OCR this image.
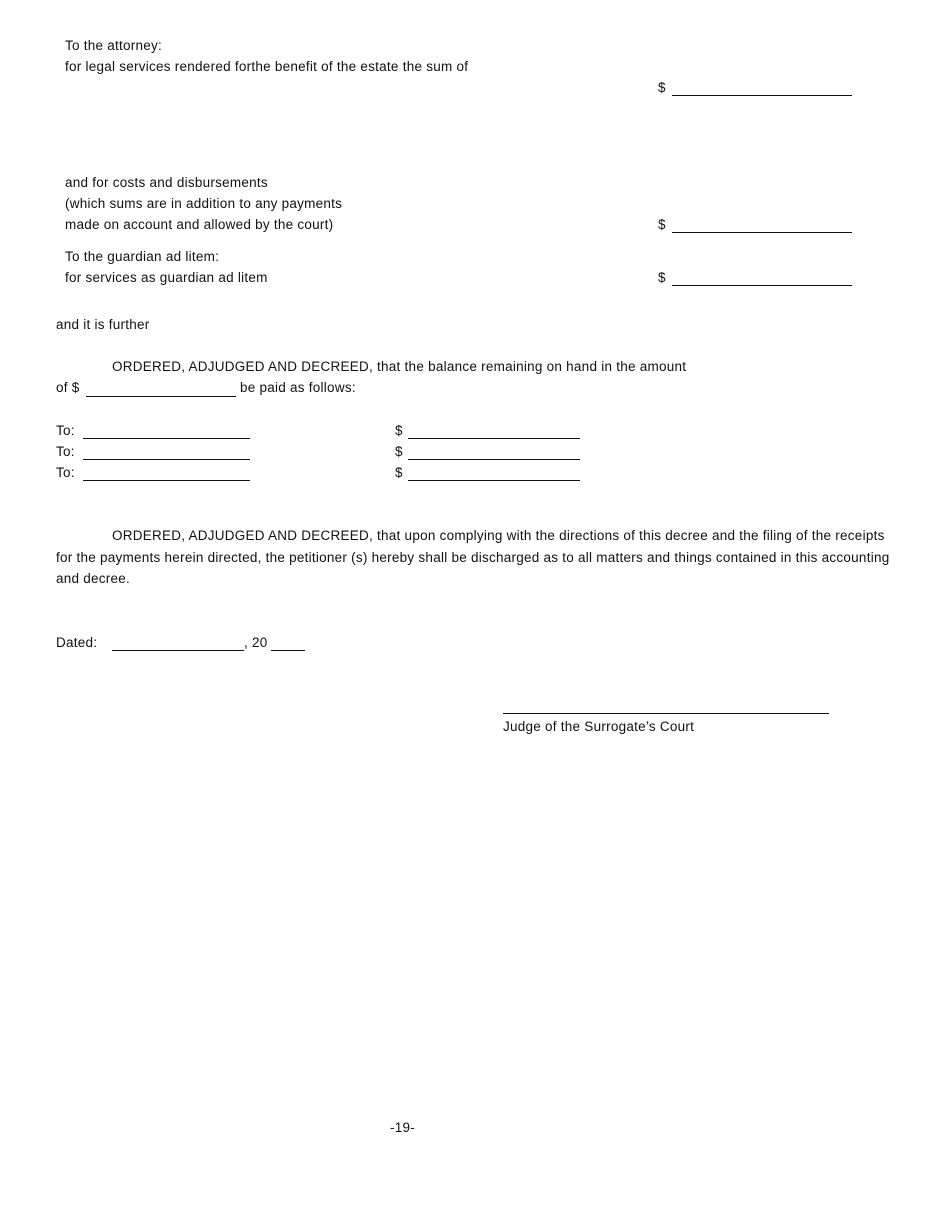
To the attorney:
for legal services rendered forthe benefit of the estate the sum of
$
and for costs and disbursements
(which sums are in addition to any payments
made on account and allowed by the court)	$
To the guardian ad litem:
for services as guardian ad litem	$
and it is further
ORDERED, ADJUDGED AND DECREED, that the balance remaining on hand in the amount
of $	be paid as follows:
To:	$
To:	$
To:	$
ORDERED, ADJUDGED AND DECREED, that upon complying with the directions of this decree and the filing of the receipts for the payments herein directed, the petitioner (s) hereby shall be discharged as to all matters and things contained in this accounting and decree.
Dated:	, 20
Judge of the Surrogate’s Court
-19-
